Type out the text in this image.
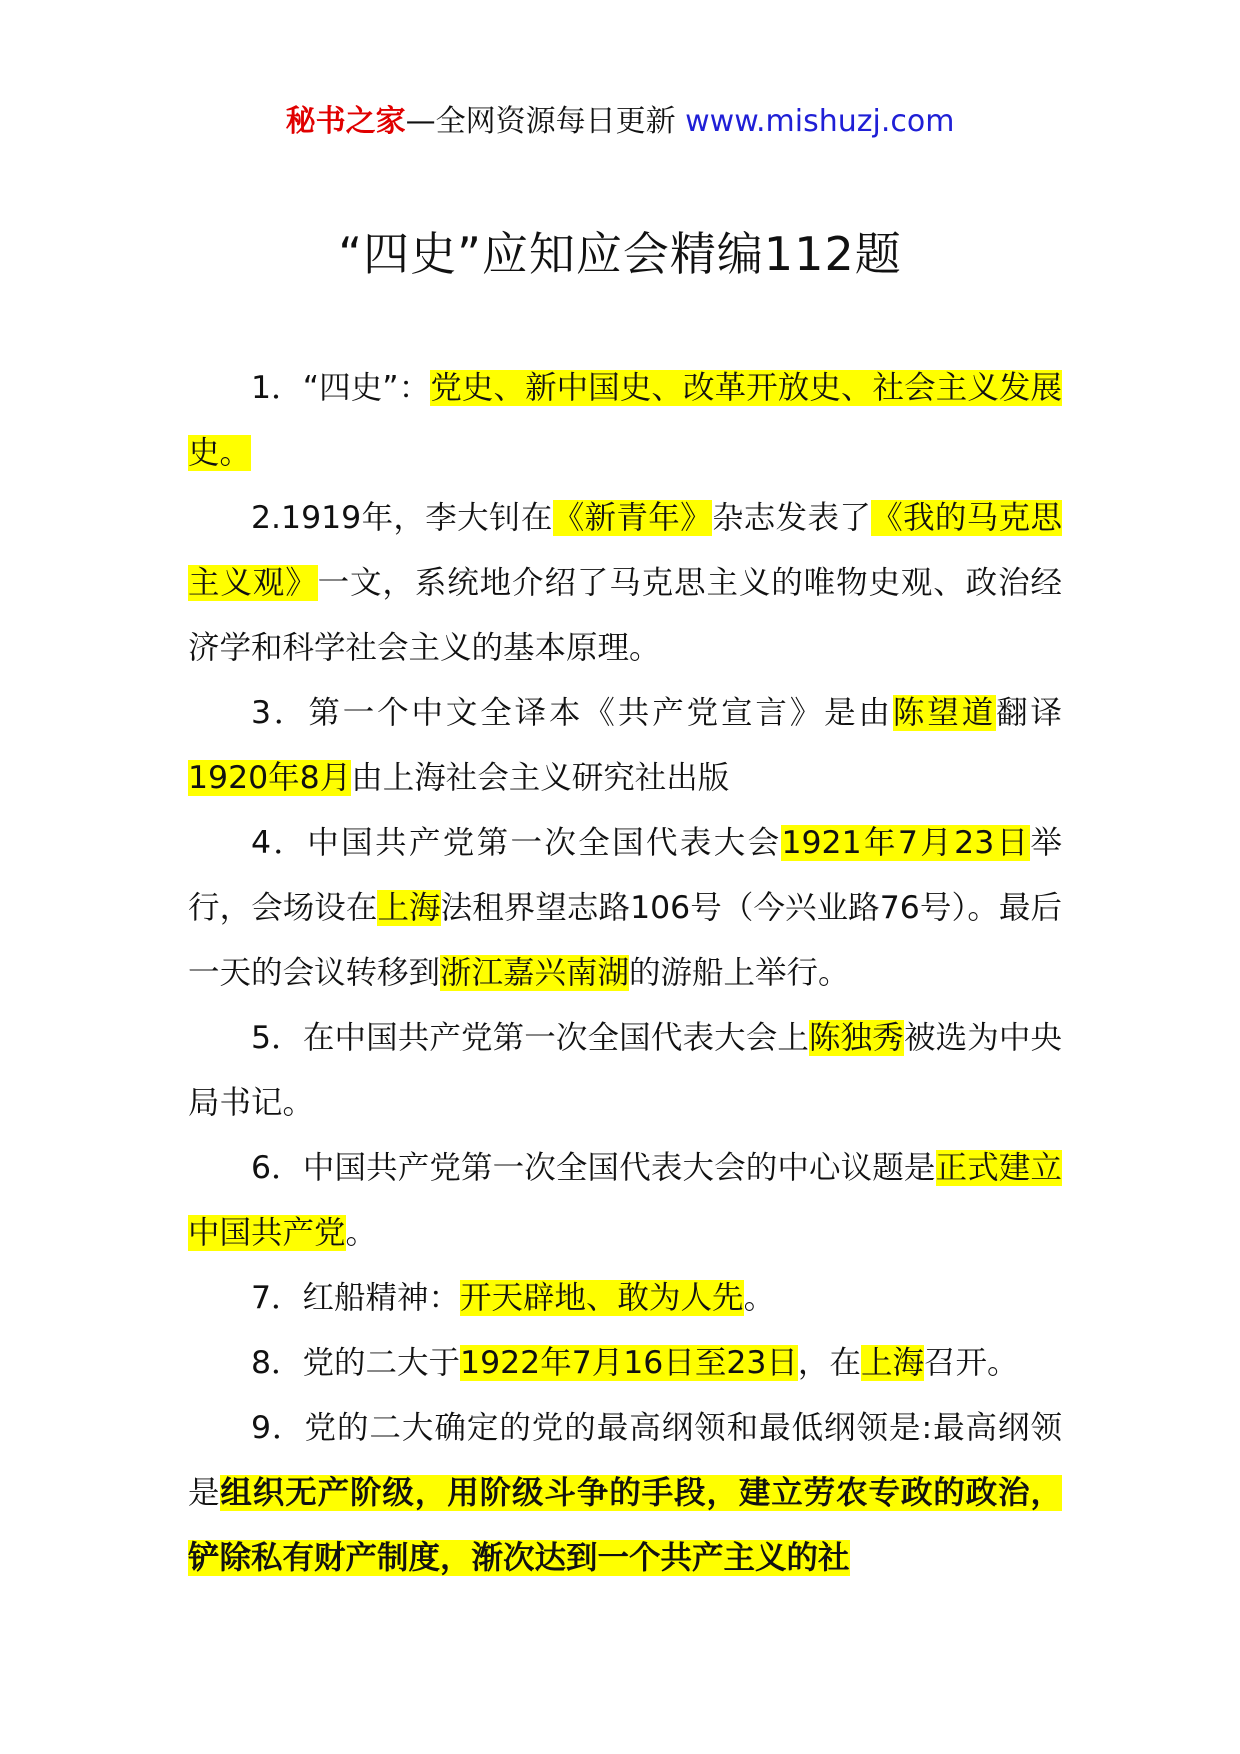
秘书之家—全网资源每日更新 www.mishuzj.com
“四史”应知应会精编112题

1．“四史”：党史、新中国史、改革开放史、社会主义发展史。

2.1919年，李大钊在《新青年》杂志发表了《我的马克思主义观》一文，系统地介绍了马克思主义的唯物史观、政治经济学和科学社会主义的基本原理。

3．第一个中文全译本《共产党宣言》是由陈望道翻译1920年8月由上海社会主义研究社出版

4．中国共产党第一次全国代表大会1921年7月23日举行，会场设在上海法租界望志路106号（今兴业路76号）。最后一天的会议转移到浙江嘉兴南湖的游船上举行。

5．在中国共产党第一次全国代表大会上陈独秀被选为中央局书记。

6．中国共产党第一次全国代表大会的中心议题是正式建立中国共产党。

7．红船精神：开天辟地、敢为人先。

8．党的二大于1922年7月16日至23日，在上海召开。

9．党的二大确定的党的最高纲领和最低纲领是:最高纲领是组织无产阶级，用阶级斗争的手段，建立劳农专政的政治，铲除私有财产制度，渐次达到一个共产主义的社
